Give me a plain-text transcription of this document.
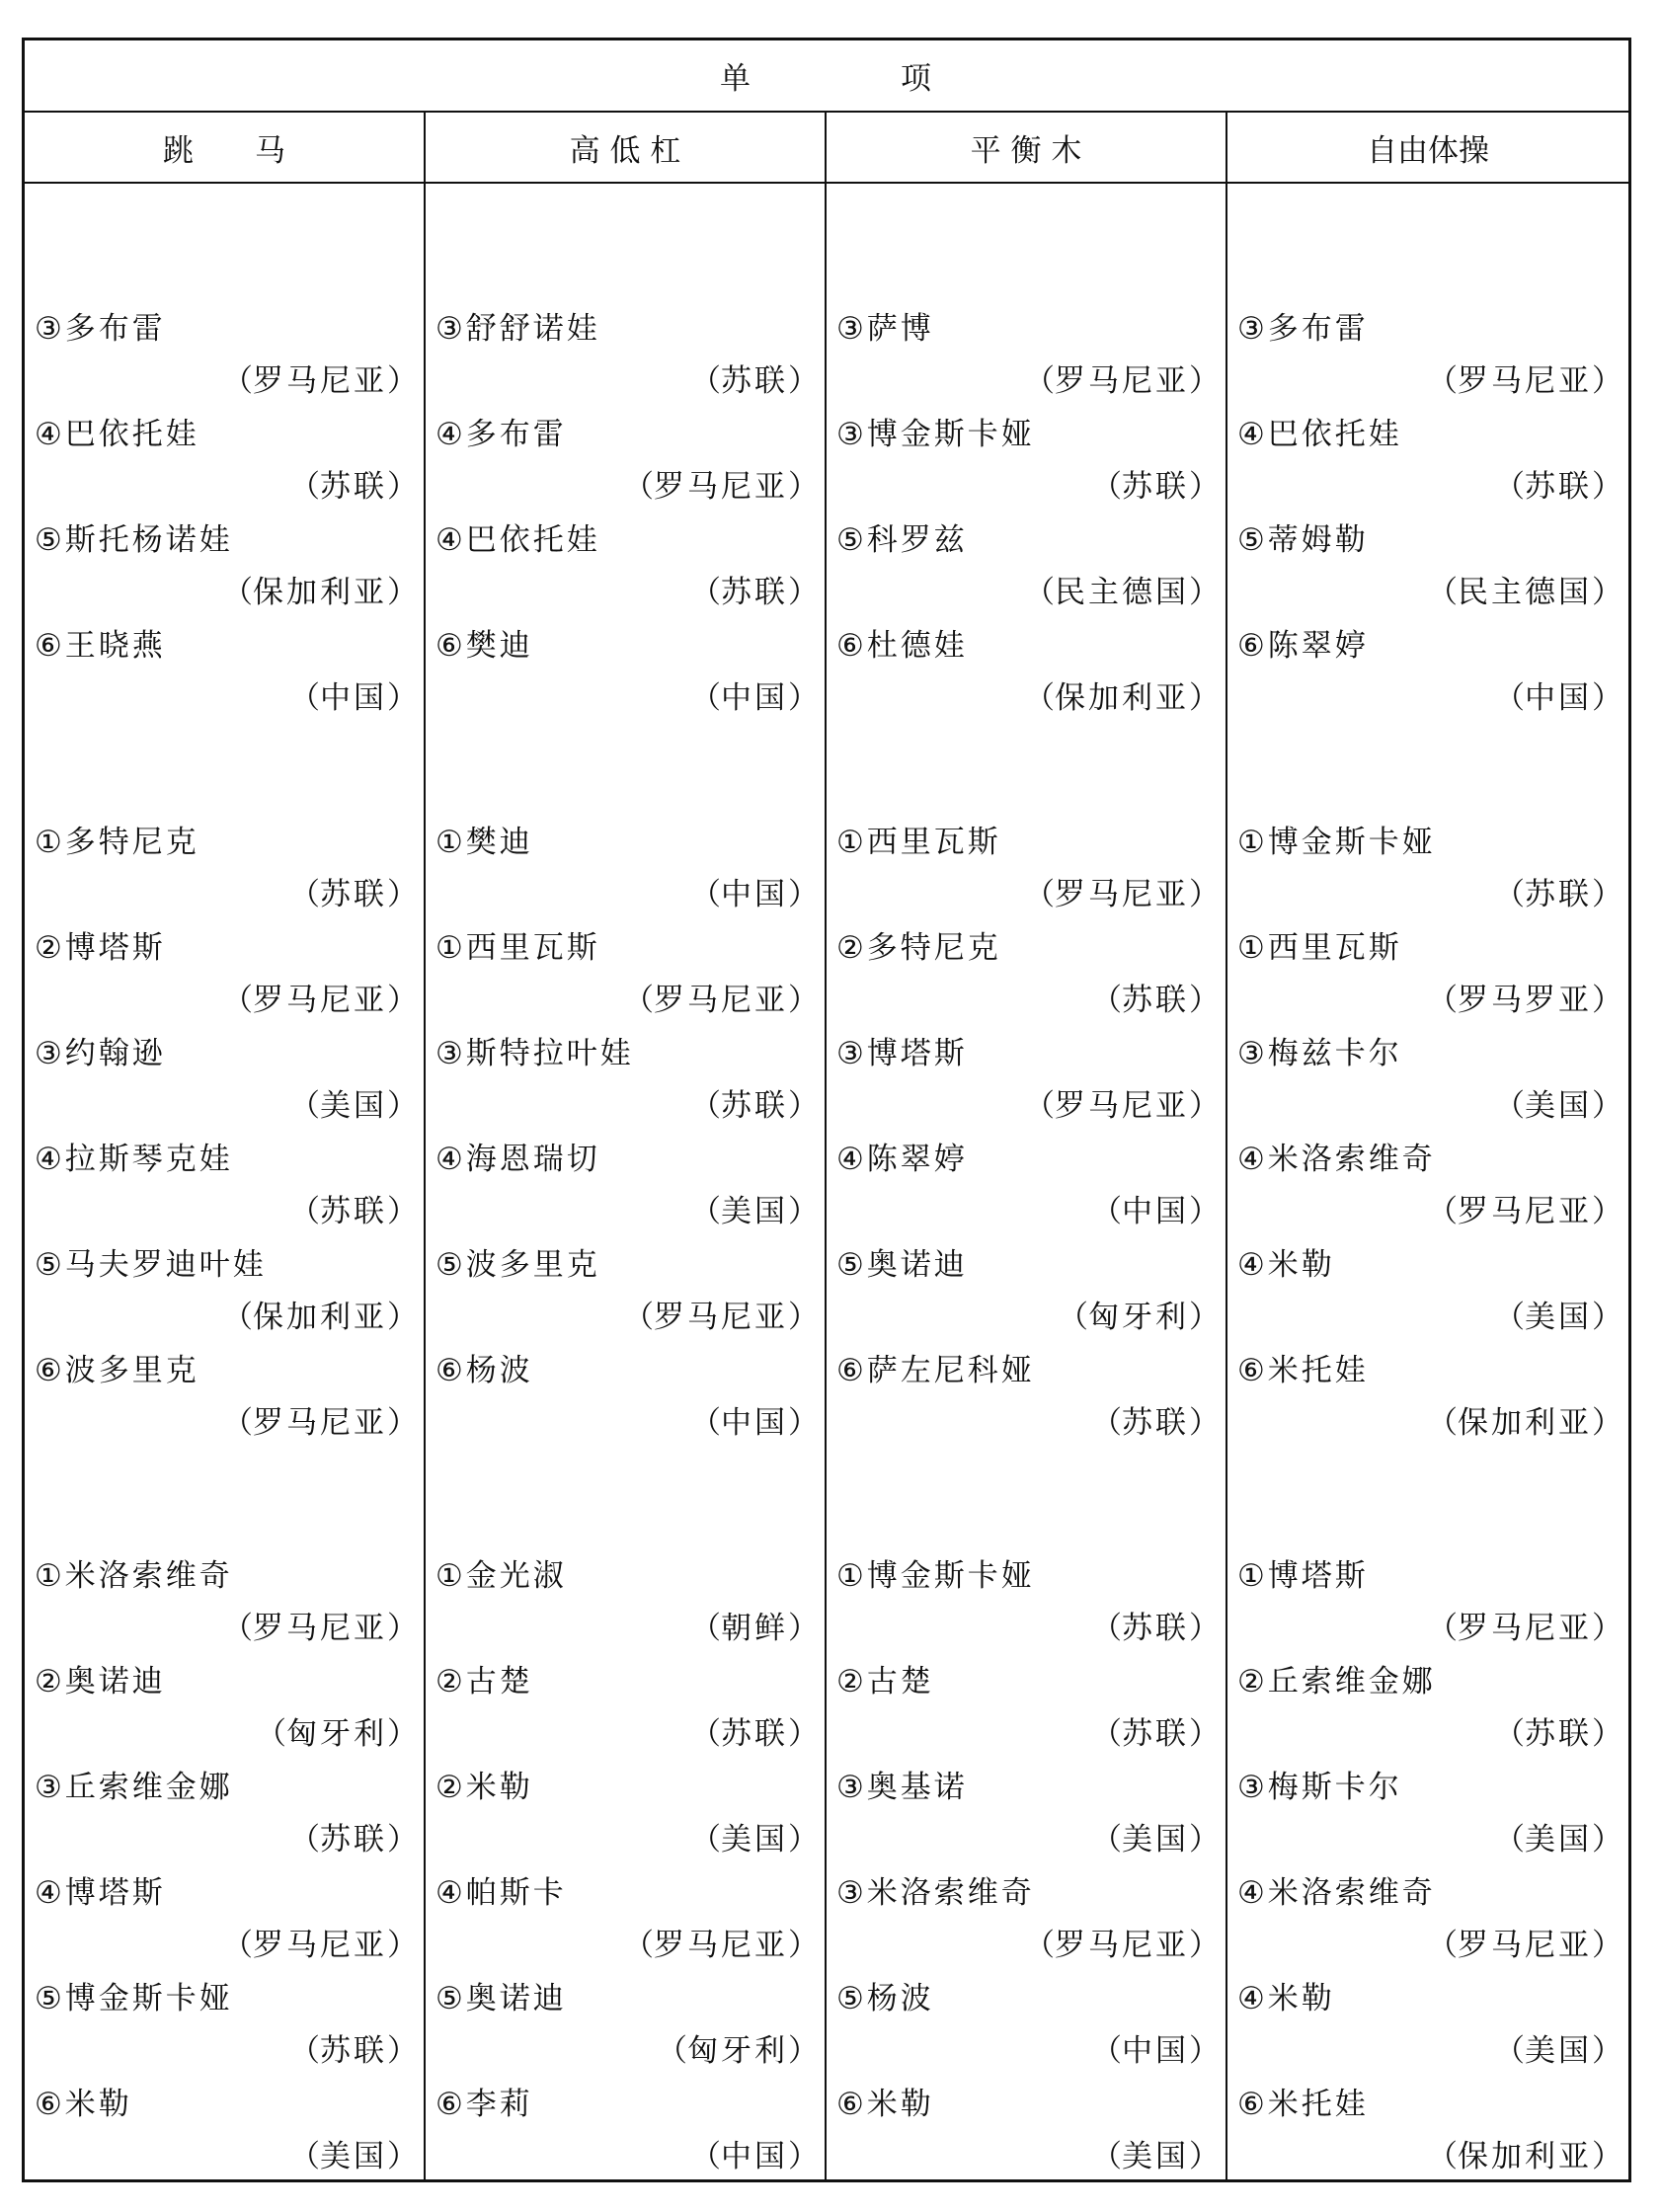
单	项
跳　　马
③多布雷
（罗马尼亚）
④巴依托娃
（苏联）
⑤斯托杨诺娃
（保加利亚）
⑥王晓燕
（中国）
①多特尼克
（苏联）
②博塔斯
（罗马尼亚）
③约翰逊
（美国）
④拉斯琴克娃
（苏联）
⑤马夫罗迪叶娃
（保加利亚）
⑥波多里克
（罗马尼亚）
①米洛索维奇
（罗马尼亚）
②奥诺迪
（匈牙利）
③丘索维金娜
（苏联）
④博塔斯
（罗马尼亚）
⑤博金斯卡娅
（苏联）
⑥米勒
（美国）
高 低 杠
③舒舒诺娃
（苏联）
④多布雷
（罗马尼亚）
④巴依托娃
（苏联）
⑥樊迪
（中国）
①樊迪
（中国）
①西里瓦斯
（罗马尼亚）
③斯特拉叶娃
（苏联）
④海恩瑞切
（美国）
⑤波多里克
（罗马尼亚）
⑥杨波
（中国）
①金光淑
（朝鲜）
②古楚
（苏联）
②米勒
（美国）
④帕斯卡
（罗马尼亚）
⑤奥诺迪
（匈牙利）
⑥李莉
（中国）
平 衡 木
③萨博
（罗马尼亚）
③博金斯卡娅
（苏联）
⑤科罗兹
（民主德国）
⑥杜德娃
（保加利亚）
①西里瓦斯
（罗马尼亚）
②多特尼克
（苏联）
③博塔斯
（罗马尼亚）
④陈翠婷
（中国）
⑤奥诺迪
（匈牙利）
⑥萨左尼科娅
（苏联）
①博金斯卡娅
（苏联）
②古楚
（苏联）
③奥基诺
（美国）
③米洛索维奇
（罗马尼亚）
⑤杨波
（中国）
⑥米勒
（美国）
自由体操
③多布雷
（罗马尼亚）
④巴依托娃
（苏联）
⑤蒂姆勒
（民主德国）
⑥陈翠婷
（中国）
①博金斯卡娅
（苏联）
①西里瓦斯
（罗马罗亚）
③梅兹卡尔
（美国）
④米洛索维奇
（罗马尼亚）
④米勒
（美国）
⑥米托娃
（保加利亚）
①博塔斯
（罗马尼亚）
②丘索维金娜
（苏联）
③梅斯卡尔
（美国）
④米洛索维奇
（罗马尼亚）
④米勒
（美国）
⑥米托娃
（保加利亚）
